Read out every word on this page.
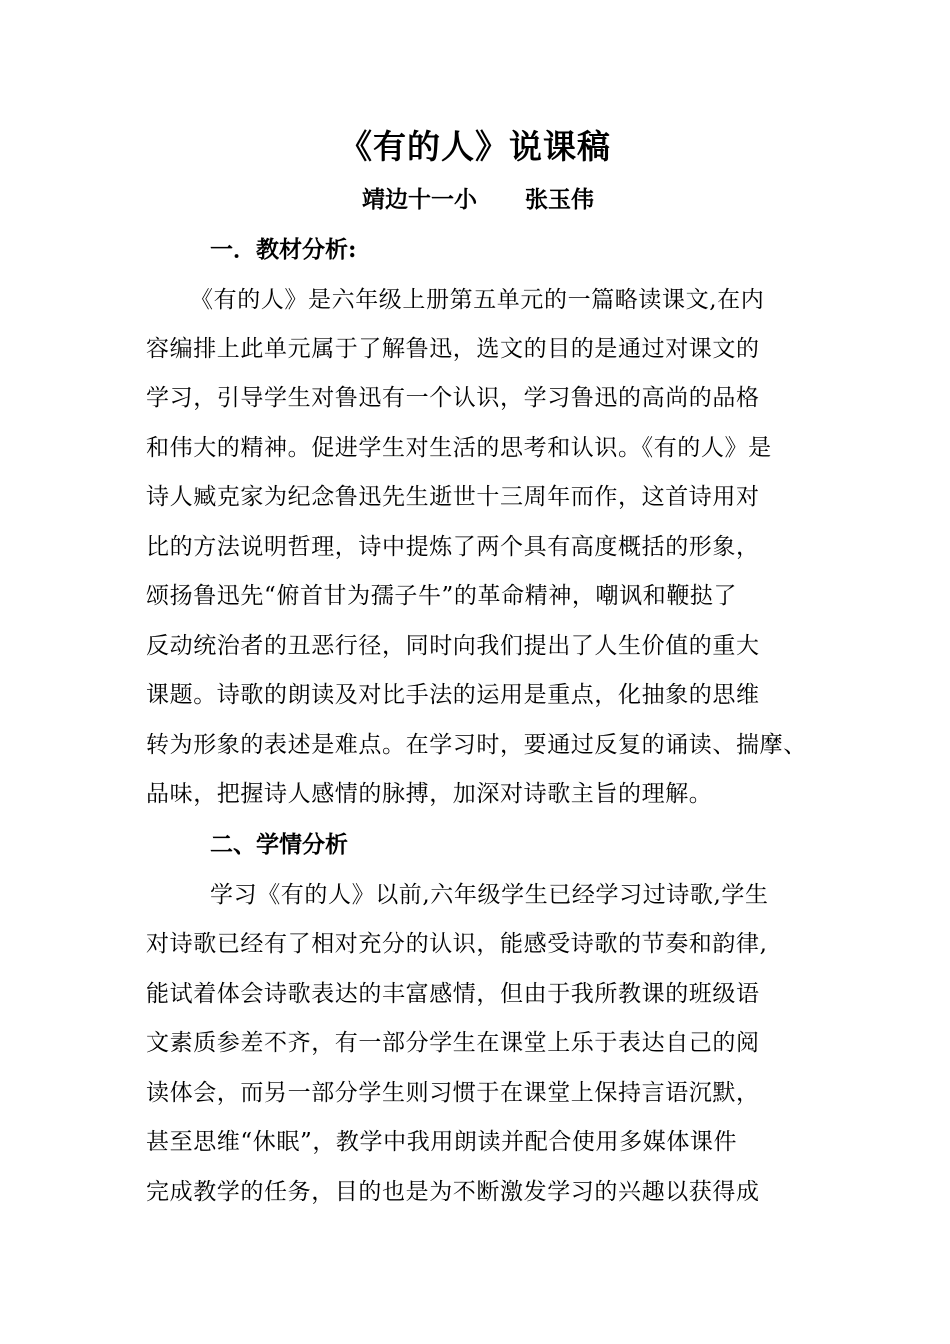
《有的人》说课稿
靖边十一小      张玉伟
一．教材分析:
《有的人》是六年级上册第五单元的一篇略读课文,在内
容编排上此单元属于了解鲁迅，选文的目的是通过对课文的
学习，引导学生对鲁迅有一个认识，学习鲁迅的高尚的品格
和伟大的精神。促进学生对生活的思考和认识。《有的人》是
诗人臧克家为纪念鲁迅先生逝世十三周年而作，这首诗用对
比的方法说明哲理，诗中提炼了两个具有高度概括的形象，
颂扬鲁迅先“俯首甘为孺子牛”的革命精神，嘲讽和鞭挞了
反动统治者的丑恶行径，同时向我们提出了人生价值的重大
课题。诗歌的朗读及对比手法的运用是重点，化抽象的思维
转为形象的表述是难点。在学习时，要通过反复的诵读、揣摩、
品味，把握诗人感情的脉搏，加深对诗歌主旨的理解。
二、学情分析
学习《有的人》以前,六年级学生已经学习过诗歌,学生
对诗歌已经有了相对充分的认识，能感受诗歌的节奏和韵律,
能试着体会诗歌表达的丰富感情，但由于我所教课的班级语
文素质参差不齐，有一部分学生在课堂上乐于表达自己的阅
读体会，而另一部分学生则习惯于在课堂上保持言语沉默，
甚至思维“休眠”，教学中我用朗读并配合使用多媒体课件
完成教学的任务，目的也是为不断激发学习的兴趣以获得成
